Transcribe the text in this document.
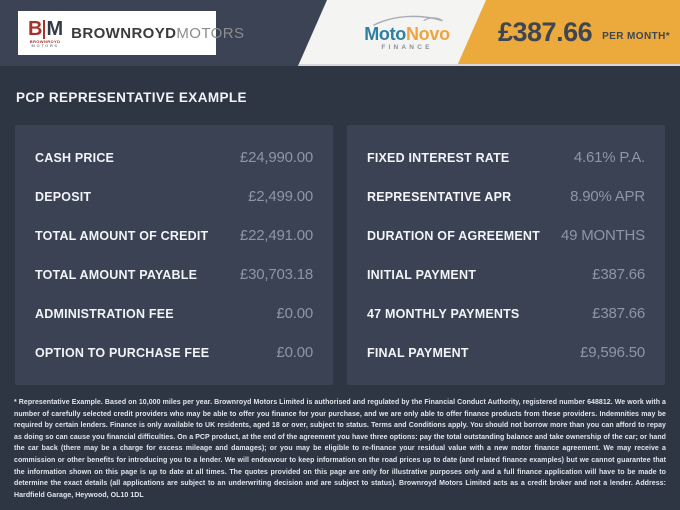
B M
BROWNROYD
MOTORS
BROWNROYDMOTORS	MotoNovo
FINANCE
£387.66 PER MONTH*
PCP REPRESENTATIVE EXAMPLE
CASH PRICE	£24,990.00
DEPOSIT	£2,499.00
TOTAL AMOUNT OF CREDIT £22,491.00
TOTAL AMOUNT PAYABLE	£30,703.18
ADMINISTRATION FEE	£0.00
OPTION TO PURCHASE FEE	£0.00
FIXED INTEREST RATE	4.61% P.A.
REPRESENTATIVE APR	8.90% APR
DURATION OF AGREEMENT 49 MONTHS
INITIAL PAYMENT	£387.66
47 MONTHLY PAYMENTS	£387.66
FINAL PAYMENT	£9,596.50
* Representative Example. Based on 10,000 miles per year. Brownroyd Motors Limited is authorised and regulated by the Financial Conduct Authority, registered number 648812. We work with a number of carefully selected credit providers who may be able to offer you finance for your purchase, and we are only able to offer finance products from these providers. Indemnities may be required by certain lenders. Finance is only available to UK residents, aged 18 or over, subject to status. Terms and Conditions apply. You should not borrow more than you can afford to repay as doing so can cause you financial difficulties. On a PCP product, at the end of the agreement you have three options: pay the total outstanding balance and take ownership of the car; or hand the car back (there may be a charge for excess mileage and damages); or you may be eligible to re-finance your residual value with a new motor finance agreement. We may receive a commission or other benefits for introducing you to a lender. We will endeavour to keep information on the road prices up to date (and related finance examples) but we cannot guarantee that the information shown on this page is up to date at all times. The quotes provided on this page are only for illustrative purposes only and a full finance application will have to be made to determine the exact details (all applications are subject to an underwriting decision and are subject to status). Brownroyd Motors Limited acts as a credit broker and not a lender. Address: Hardfield Garage, Heywood, OL10 1DL
